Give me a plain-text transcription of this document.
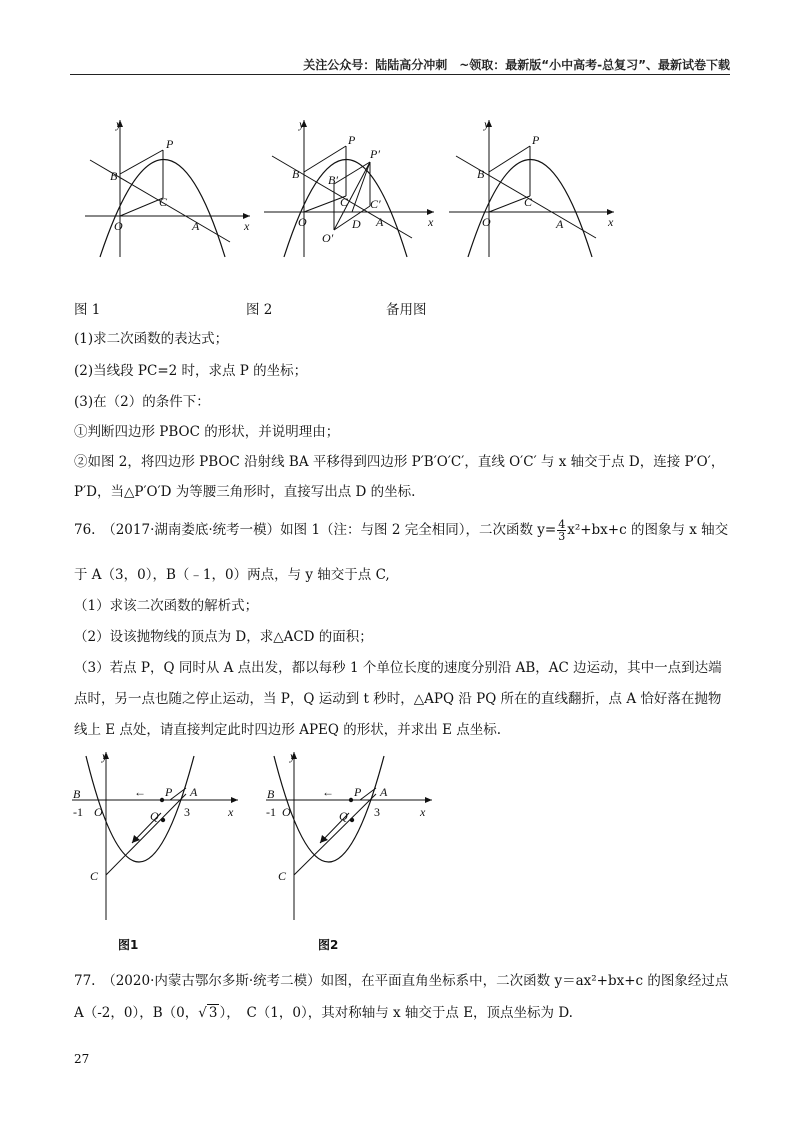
关注公众号：陆陆高分冲刺　~领取：最新版“小中高考-总复习”、最新试卷下载
y
x
O	A
B
C
P
y
x
O	A
B
C
P
P′
B′
O′
C′
D
y
x
O	A
B
C
P
图 1	图 2	备用图
(1)求二次函数的表达式；
(2)当线段 PC=2 时，求点 P 的坐标；
(3)在（2）的条件下：
①判断四边形 PBOC 的形状，并说明理由；
②如图 2，将四边形 PBOC 沿射线 BA 平移得到四边形 P′B′O′C′，直线 O′C′ 与 x 轴交于点 D，连接 P′O′，
P′D，当△P′O′D 为等腰三角形时，直接写出点 D 的坐标.
76.　（2017·湖南娄底·统考一模）如图 1（注：与图 2 完全相同），二次函数 $y= \frac{4}{3} x^2+bx+c$ 的图象与 x 轴交
于 A（3，0），B（﹣1，0）两点，与 y 轴交于点 C,
（1）求该二次函数的解析式；
（2）设该抛物线的顶点为 D，求△ACD 的面积；
（3）若点 P，Q 同时从 A 点出发，都以每秒 1 个单位长度的速度分别沿 AB，AC 边运动，其中一点到达端
点时，另一点也随之停止运动，当 P，Q 运动到 t 秒时，△APQ 沿 PQ 所在的直线翻折，点 A 恰好落在抛物
线上 E 点处，请直接判定此时四边形 APEQ 的形状，并求出 E 点坐标.
y
x
B	A
C
O
-1	3
P
Q
←
y
x
B	A
C
O
-1	3
P
Q
←
图1	图2
77.　（2020·内蒙古鄂尔多斯·统考二模）如图，在平面直角坐标系中，二次函数 y＝ax²+bx+c 的图象经过点
A（-2，0），B（0，√ 3 ），　C（1，0），其对称轴与 x 轴交于点 E，顶点坐标为 D.
27
